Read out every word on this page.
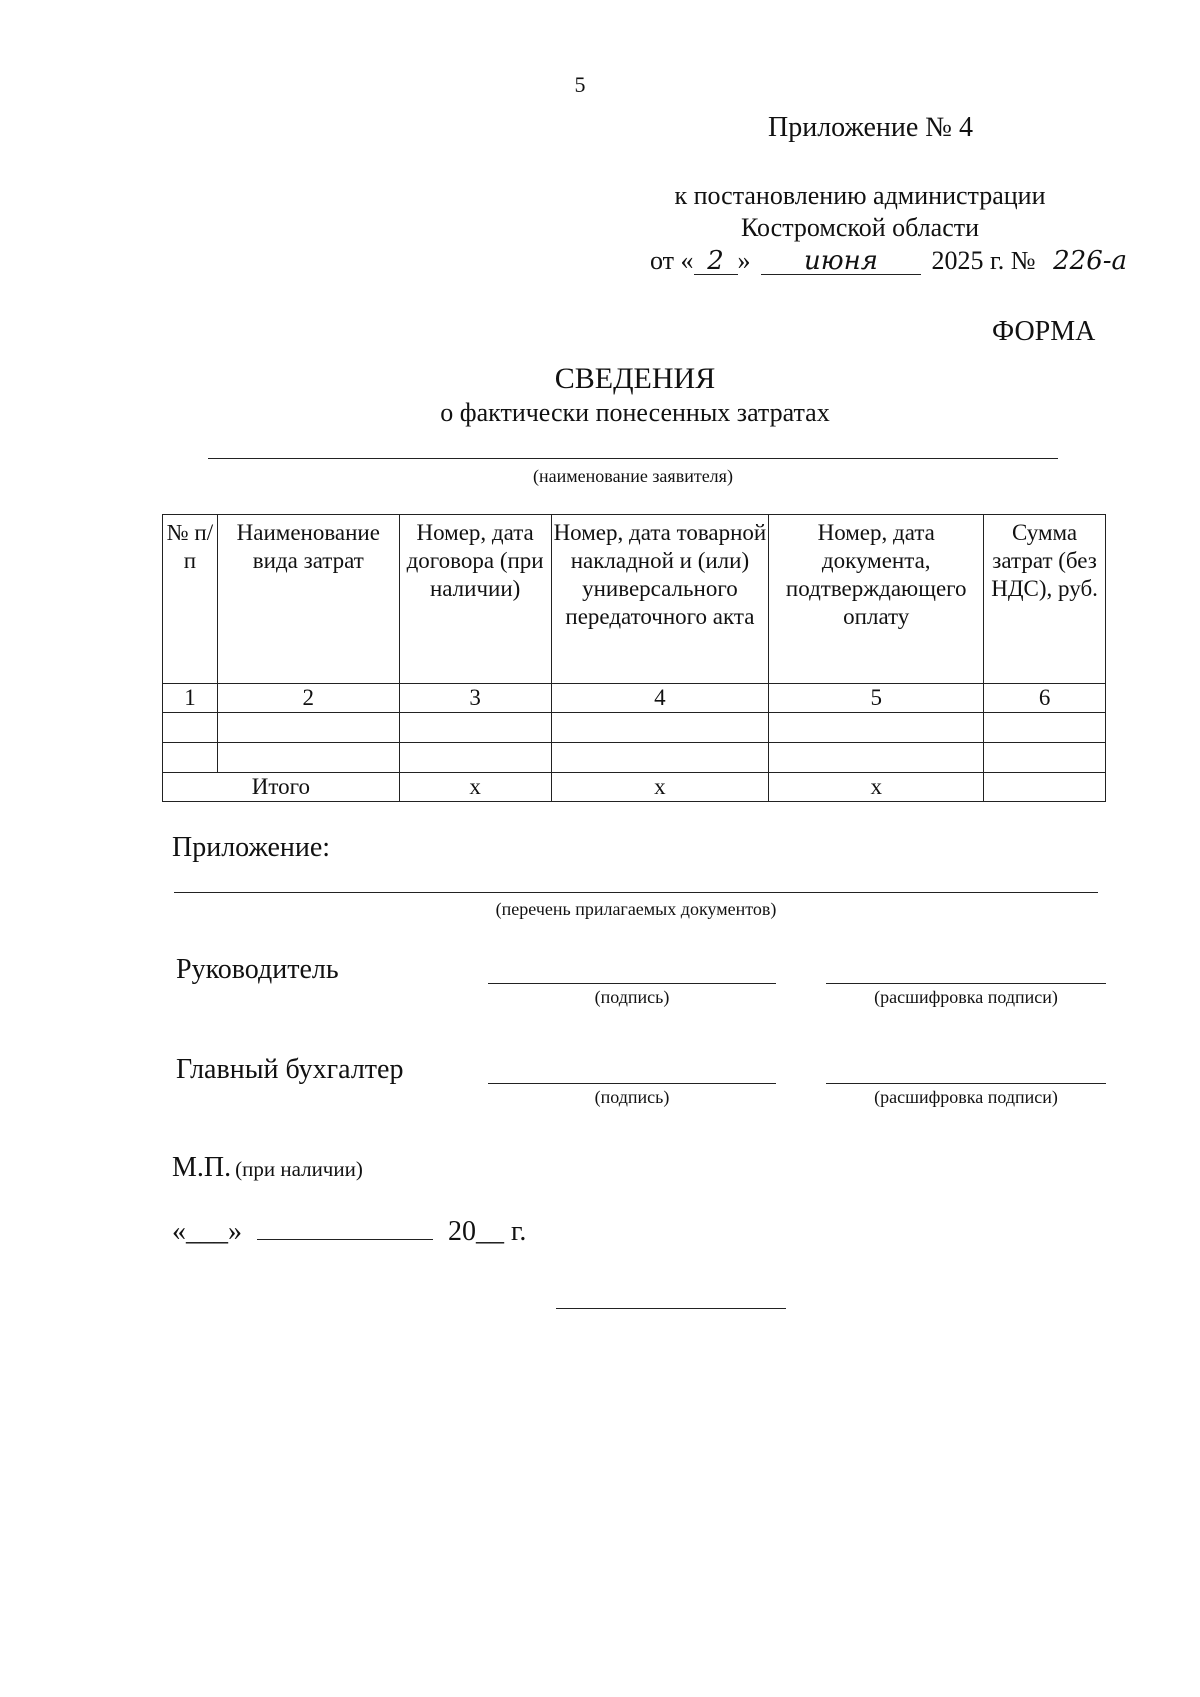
5
Приложение № 4
к постановлению администрации
Костромской области
от « 2 » июня 2025 г. № 226-а
ФОРМА
СВЕДЕНИЯ
о фактически понесенных затратах
(наименование заявителя)
№ п/п	Наименование вида затрат	Номер, дата договора (при наличии)	Номер, дата товарной накладной и (или) универсального передаточного акта	Номер, дата документа, подтверждающего оплату	Сумма затрат (без НДС), руб.
1	2	3	4	5	6

Итого		x	x	x	
Приложение:
(перечень прилагаемых документов)
Руководитель
(подпись)	(расшифровка подписи)
Главный бухгалтер
(подпись)	(расшифровка подписи)
М.П. (при наличии)
«___»	20__ г.
